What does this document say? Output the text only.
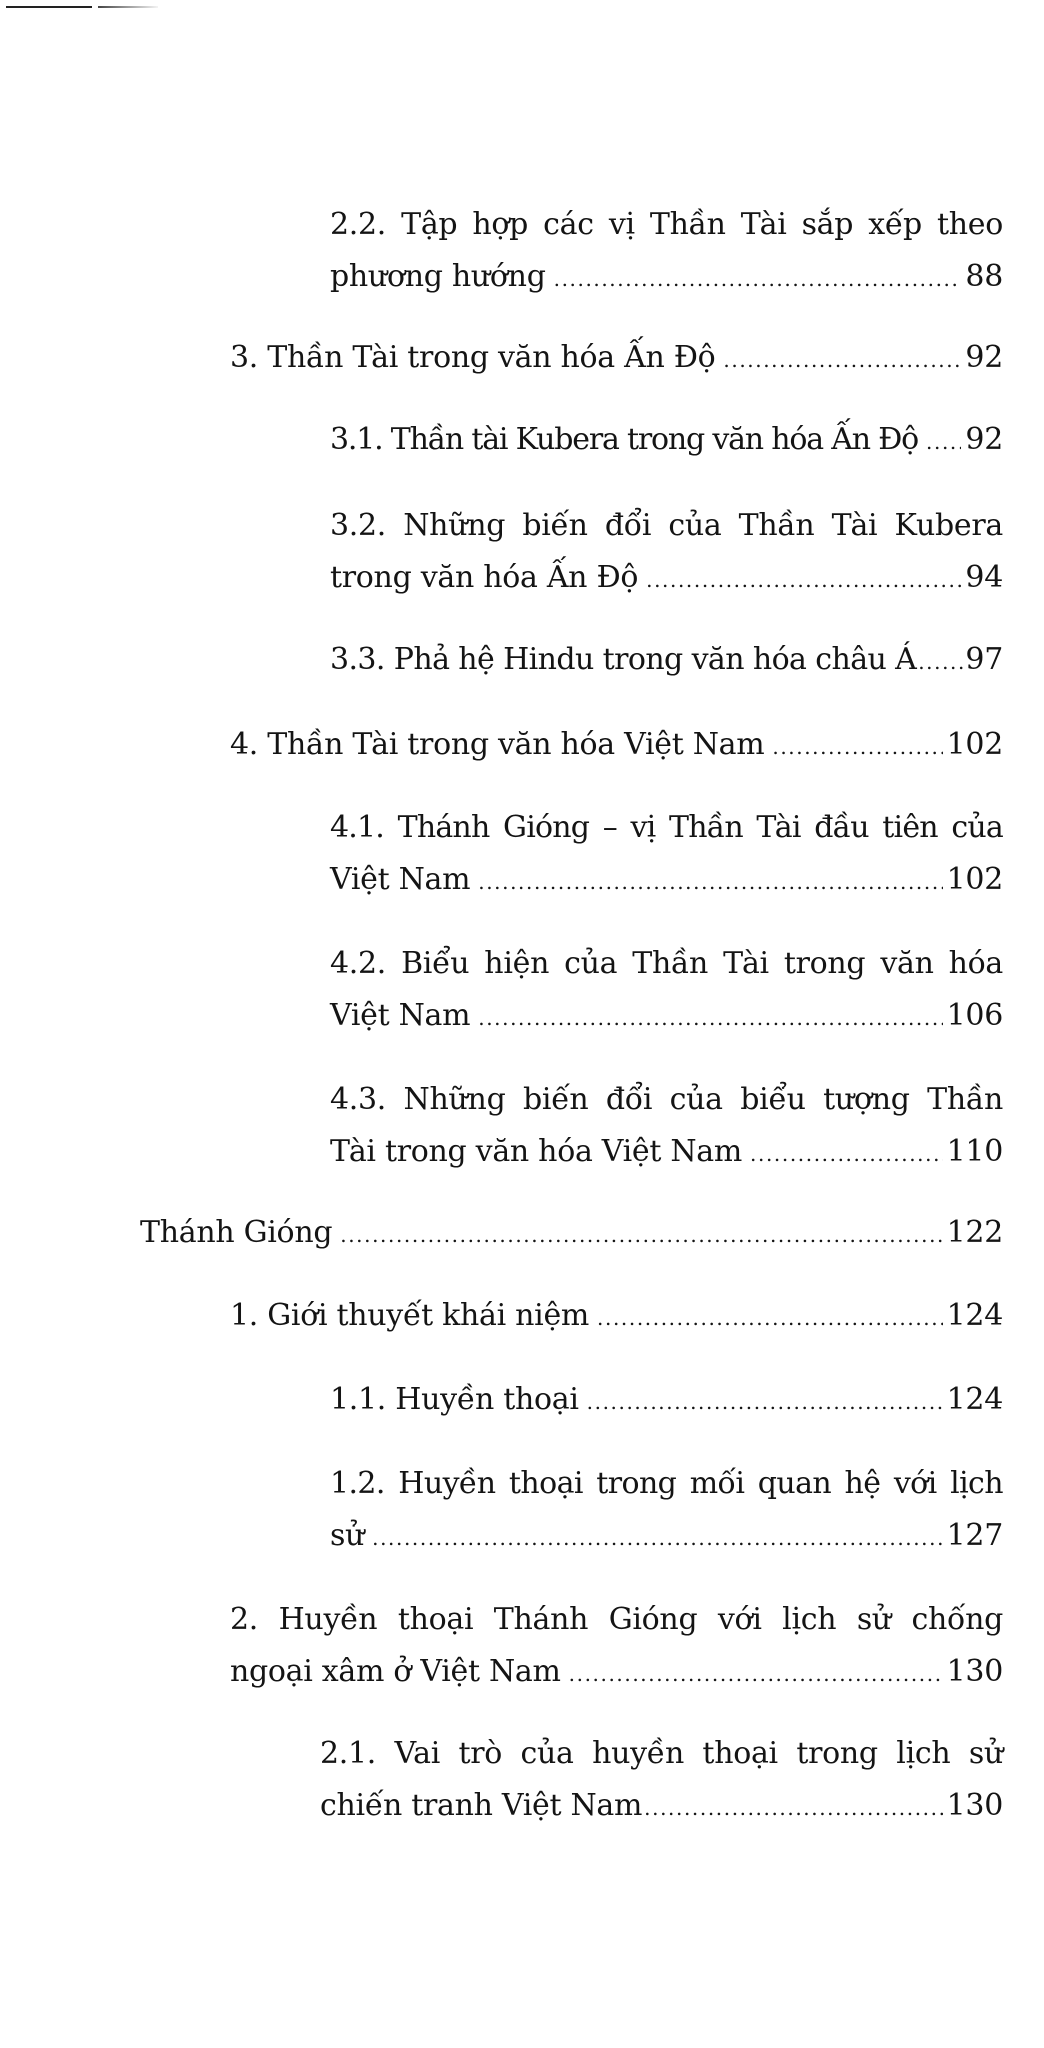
2.2. Tập hợp các vị Thần Tài sắp xếp theo
phương hướng .....	88
3. Thần Tài trong văn hóa Ấn Độ .....	92
3.1. Thần tài Kubera trong văn hóa Ấn Độ ..... 92
3.2. Những biến đổi của Thần Tài Kubera
trong văn hóa Ấn Độ .....	94
3.3. Phả hệ Hindu trong văn hóa châu Á ..... 97
4. Thần Tài trong văn hóa Việt Nam .....	102
4.1. Thánh Gióng – vị Thần Tài đầu tiên của
Việt Nam .....	102
4.2. Biểu hiện của Thần Tài trong văn hóa
Việt Nam .....	106
4.3. Những biến đổi của biểu tượng Thần
Tài trong văn hóa Việt Nam .....	110
Thánh Gióng .....	122
1. Giới thuyết khái niệm .....	124
1.1. Huyền thoại .....	124
1.2. Huyền thoại trong mối quan hệ với lịch
sử .....	127
2. Huyền thoại Thánh Gióng với lịch sử chống
ngoại xâm ở Việt Nam .....	130
2.1. Vai trò của huyền thoại trong lịch sử
chiến tranh Việt Nam .....	130
